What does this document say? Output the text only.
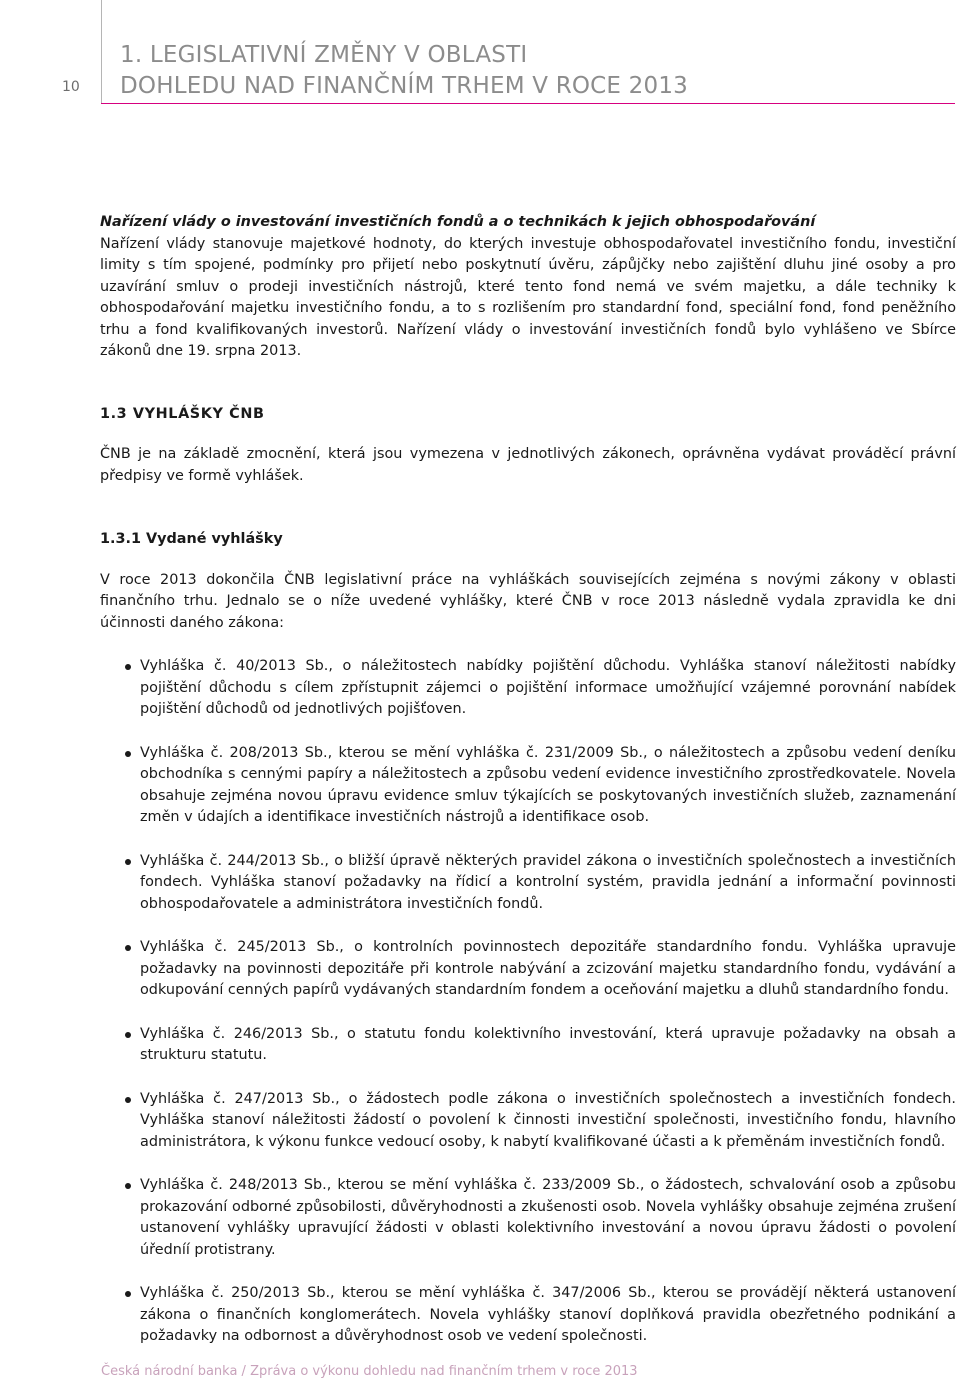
10
1. LEGISLATIVNÍ ZMĚNY V OBLASTI
DOHLEDU NAD FINANČNÍM TRHEM V ROCE 2013

Nařízení vlády o investování investičních fondů a o technikách k jejich obhospodařování

Nařízení vlády stanovuje majetkové hodnoty, do kterých investuje obhospodařovatel investičního fondu, investiční limity s tím spojené, podmínky pro přijetí nebo poskytnutí úvěru, zápůjčky nebo zajištění dluhu jiné osoby a pro uzavírání smluv o prodeji investičních nástrojů, které tento fond nemá ve svém majetku, a dále techniky k obhospodařování majetku investičního fondu, a to s rozlišením pro standardní fond, speciální fond, fond peněžního trhu a fond kvalifikovaných investorů. Nařízení vlády o investování investičních fondů bylo vyhlášeno ve Sbírce zákonů dne 19. srpna 2013.

1.3 VYHLÁŠKY ČNB

ČNB je na základě zmocnění, která jsou vymezena v jednotlivých zákonech, oprávněna vydávat prováděcí právní předpisy ve formě vyhlášek.

1.3.1 Vydané vyhlášky

V roce 2013 dokončila ČNB legislativní práce na vyhláškách souvisejících zejména s novými zákony v oblasti finančního trhu. Jednalo se o níže uvedené vyhlášky, které ČNB v roce 2013 následně vydala zpravidla ke dni účinnosti daného zákona:

Vyhláška č. 40/2013 Sb., o náležitostech nabídky pojištění důchodu. Vyhláška stanoví náležitosti nabídky pojištění důchodu s cílem zpřístupnit zájemci o pojištění informace umožňující vzájemné porovnání nabídek pojištění důchodů od jednotlivých pojišťoven.
Vyhláška č. 208/2013 Sb., kterou se mění vyhláška č. 231/2009 Sb., o náležitostech a způsobu vedení deníku obchodníka s cennými papíry a náležitostech a způsobu vedení evidence investičního zprostředkovatele. Novela obsahuje zejména novou úpravu evidence smluv týkajících se poskytovaných investičních služeb, zaznamenání změn v údajích a identifikace investičních nástrojů a identifikace osob.
Vyhláška č. 244/2013 Sb., o bližší úpravě některých pravidel zákona o investičních společnostech a investičních fondech. Vyhláška stanoví požadavky na řídicí a kontrolní systém, pravidla jednání a informační povinnosti obhospodařovatele a administrátora investičních fondů.
Vyhláška č. 245/2013 Sb., o kontrolních povinnostech depozitáře standardního fondu. Vyhláška upravuje požadavky na povinnosti depozitáře při kontrole nabývání a zcizování majetku standardního fondu, vydávání a odkupování cenných papírů vydávaných standardním fondem a oceňování majetku a dluhů standardního fondu.
Vyhláška č. 246/2013 Sb., o statutu fondu kolektivního investování, která upravuje požadavky na obsah a strukturu statutu.
Vyhláška č. 247/2013 Sb., o žádostech podle zákona o investičních společnostech a investičních fondech. Vyhláška stanoví náležitosti žádostí o povolení k činnosti investiční společnosti, investičního fondu, hlavního administrátora, k výkonu funkce vedoucí osoby, k nabytí kvalifikované účasti a k přeměnám investičních fondů.
Vyhláška č. 248/2013 Sb., kterou se mění vyhláška č. 233/2009 Sb., o žádostech, schvalování osob a způsobu prokazování odborné způsobilosti, důvěryhodnosti a zkušenosti osob. Novela vyhlášky obsahuje zejména zrušení ustanovení vyhlášky upravující žádosti v oblasti kolektivního investování a novou úpravu žádosti o povolení úředníí protistrany.
Vyhláška č. 250/2013 Sb., kterou se mění vyhláška č. 347/2006 Sb., kterou se provádějí některá ustanovení zákona o finančních konglomerátech. Novela vyhlášky stanoví doplňková pravidla obezřetného podnikání a požadavky na odbornost a důvěryhodnost osob ve vedení společnosti.
Česká národní banka / Zpráva o výkonu dohledu nad finančním trhem v roce 2013
